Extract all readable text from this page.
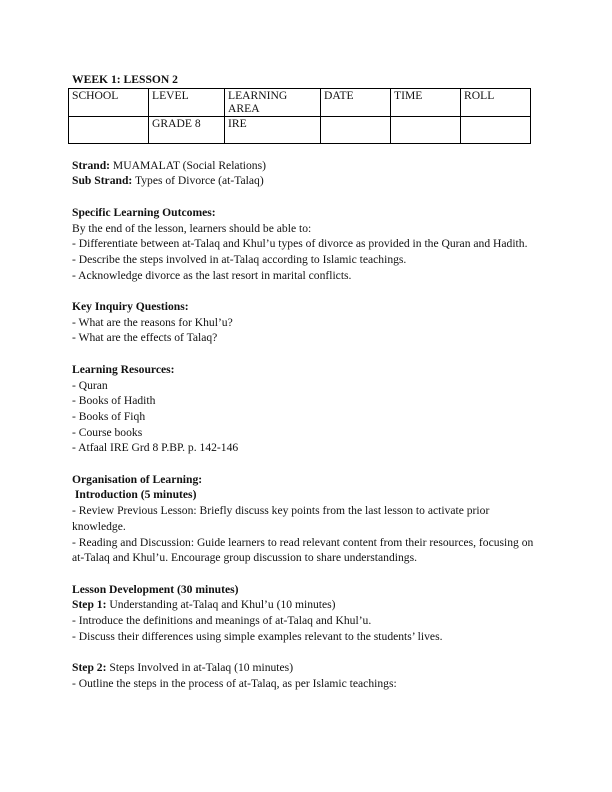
WEEK 1: LESSON 2
SCHOOL	LEVEL	LEARNING AREA	DATE	TIME	ROLL
	GRADE 8	IRE			

Strand: MUAMALAT (Social Relations)

Sub Strand: Types of Divorce (at-Talaq)

Specific Learning Outcomes:

By the end of the lesson, learners should be able to:

- Differentiate between at-Talaq and Khul’u types of divorce as provided in the Quran and Hadith.

- Describe the steps involved in at-Talaq according to Islamic teachings.

- Acknowledge divorce as the last resort in marital conflicts.

Key Inquiry Questions:

- What are the reasons for Khul’u?

- What are the effects of Talaq?

Learning Resources:

- Quran

- Books of Hadith

- Books of Fiqh

- Course books

- Atfaal IRE Grd 8 P.BP. p. 142-146

Organisation of Learning:

Introduction (5 minutes)

- Review Previous Lesson: Briefly discuss key points from the last lesson to activate prior knowledge.

- Reading and Discussion: Guide learners to read relevant content from their resources, focusing on at-Talaq and Khul’u. Encourage group discussion to share understandings.

Lesson Development (30 minutes)

Step 1: Understanding at-Talaq and Khul’u (10 minutes)

- Introduce the definitions and meanings of at-Talaq and Khul’u.

- Discuss their differences using simple examples relevant to the students’ lives.

Step 2: Steps Involved in at-Talaq (10 minutes)

- Outline the steps in the process of at-Talaq, as per Islamic teachings:
